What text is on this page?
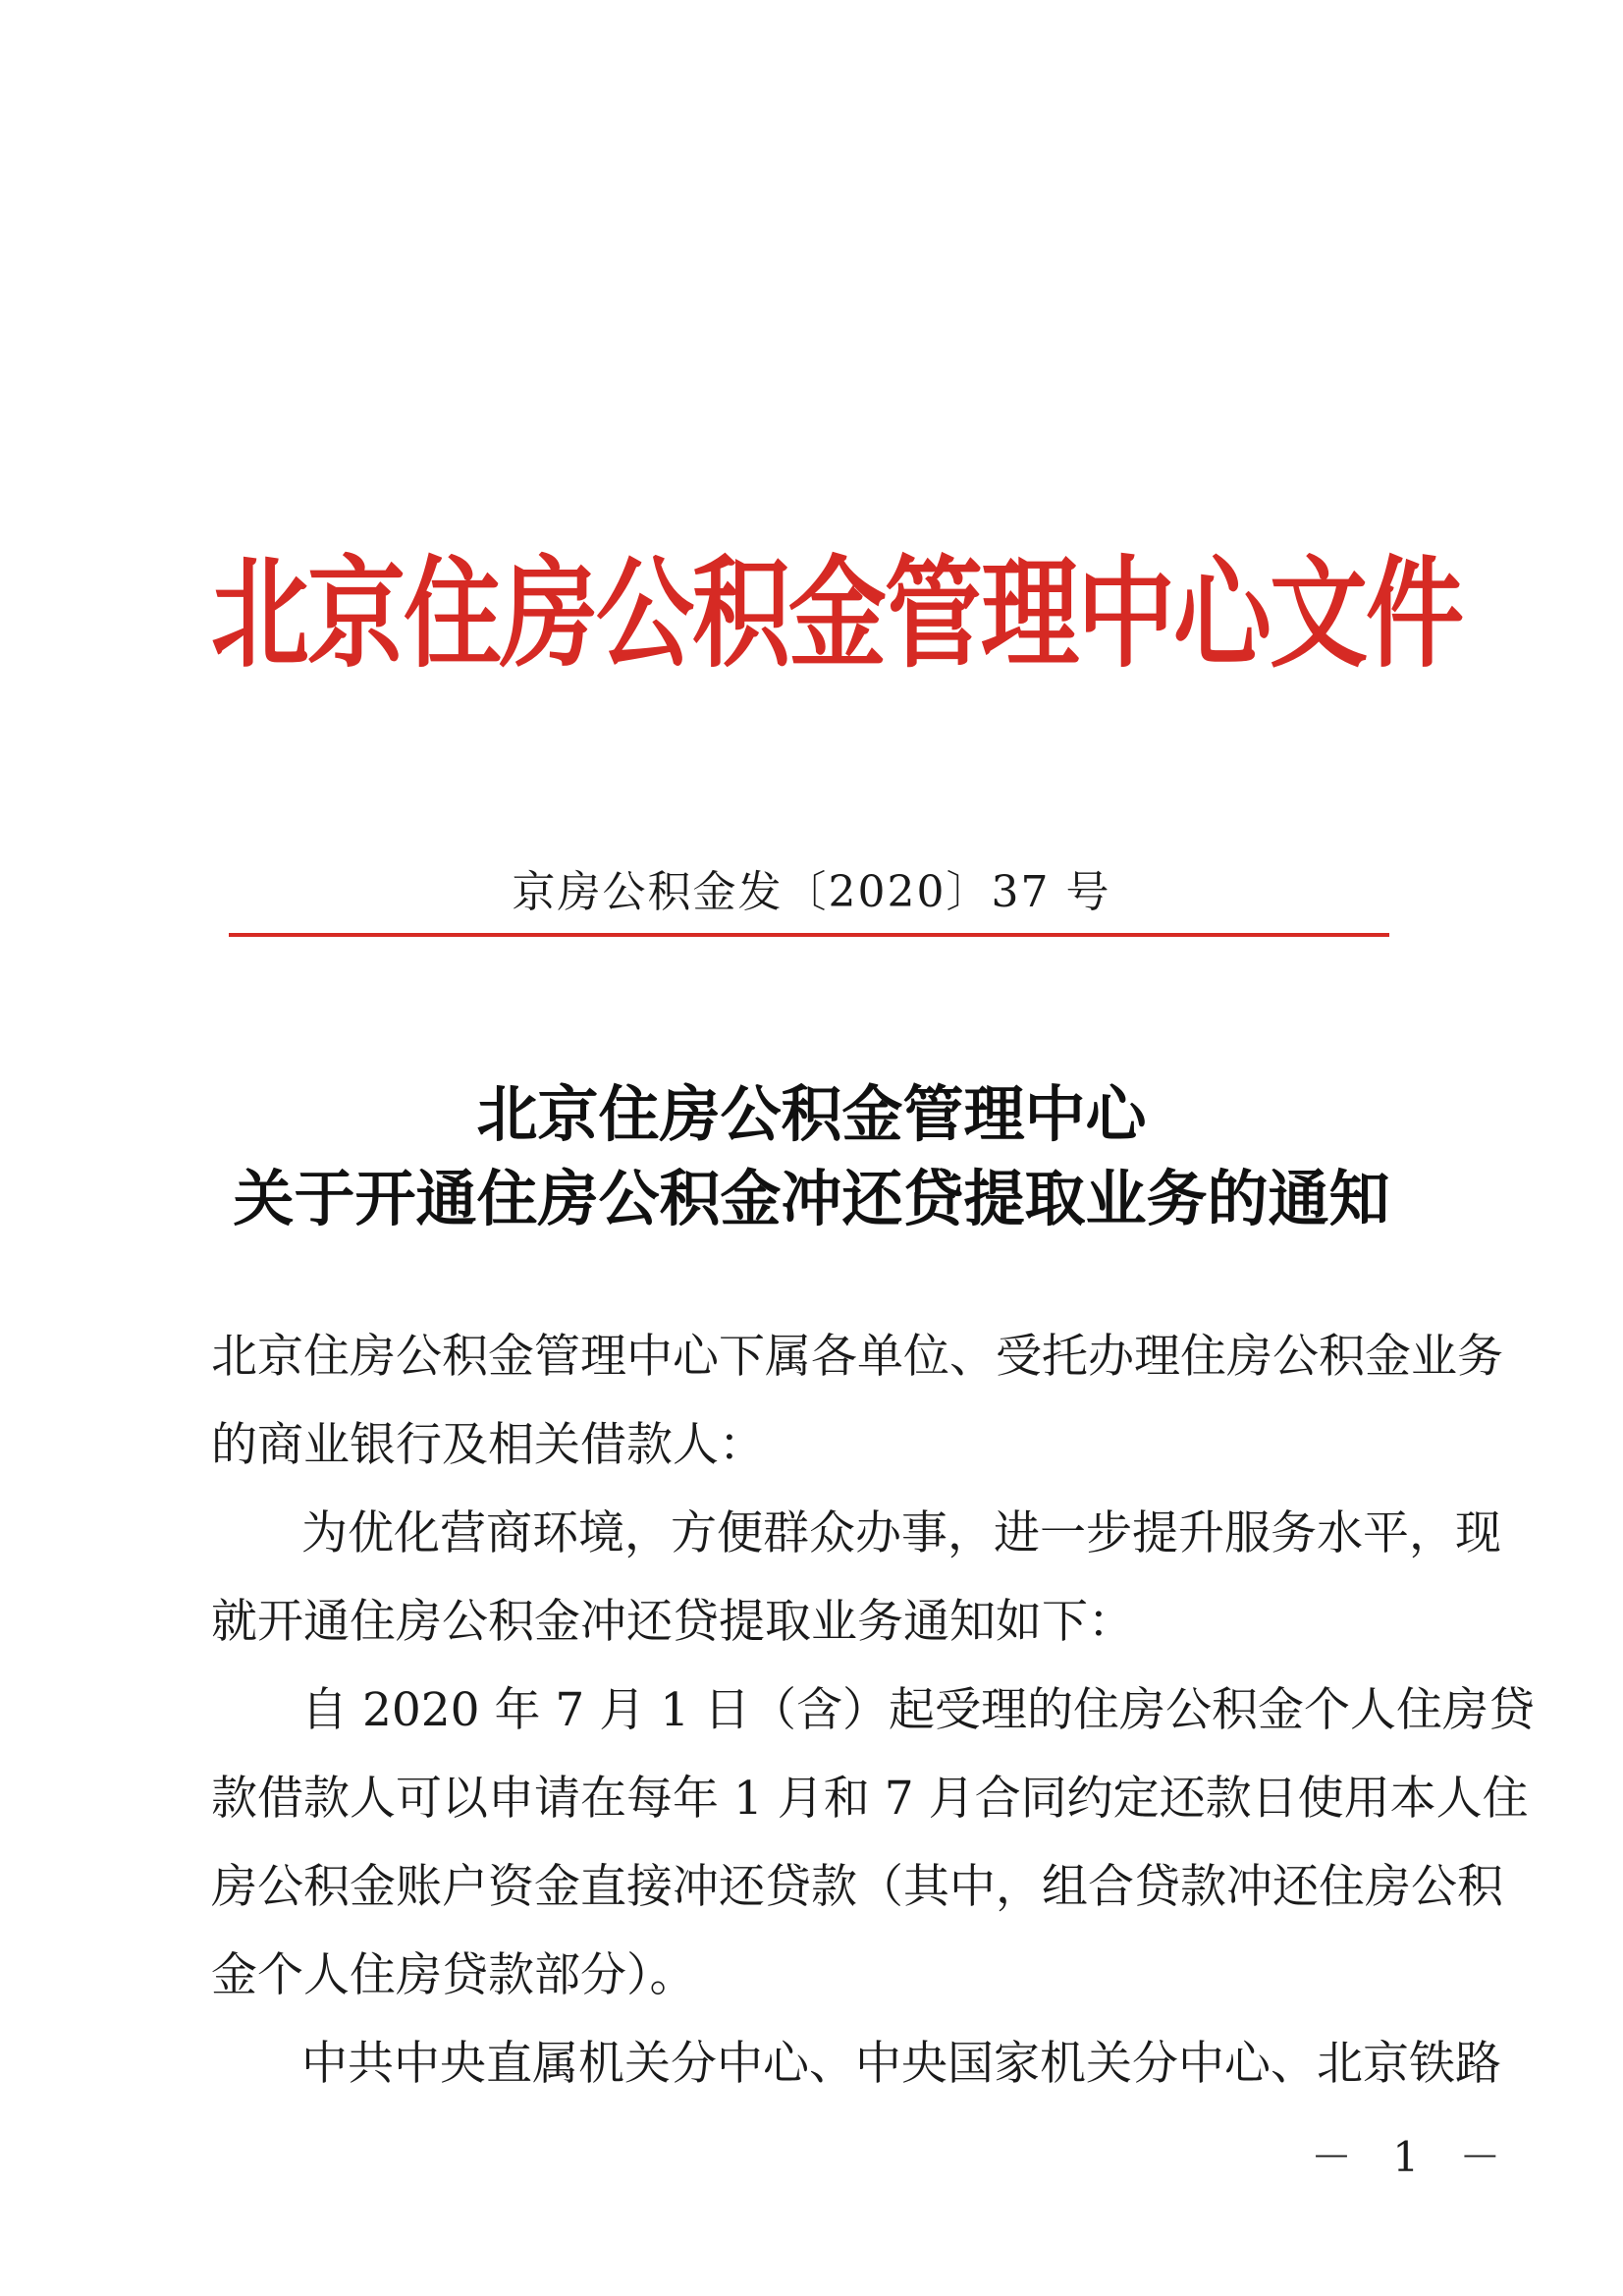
北京住房公积金管理中心文件
京房公积金发〔2020〕37 号
北京住房公积金管理中心
关于开通住房公积金冲还贷提取业务的通知
北京住房公积金管理中心下属各单位、受托办理住房公积金业务
的商业银行及相关借款人：
为优化营商环境，方便群众办事，进一步提升服务水平，现
就开通住房公积金冲还贷提取业务通知如下：
自 2020 年 7 月 1 日（含）起受理的住房公积金个人住房贷
款借款人可以申请在每年 1 月和 7 月合同约定还款日使用本人住
房公积金账户资金直接冲还贷款（其中，组合贷款冲还住房公积
金个人住房贷款部分）。
中共中央直属机关分中心、中央国家机关分中心、北京铁路
－ 1 －
